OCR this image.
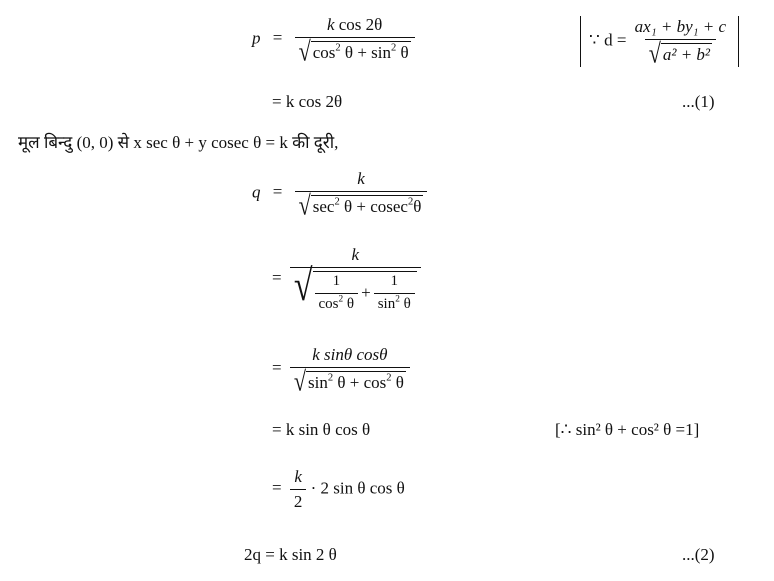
p =
k cos 2θ
√ $\cos^2 \theta + \sin^2 \theta$
∵ $d = \frac{\text{ax₁ + by₁ + c}}{\text{√ a² + b²}}$
= k cos 2θ	...(1)
मूल बिन्दु (0, 0) से x sec θ + y cosec θ = k की दूरी,
$q = \frac{k}{√ \sec^2 \theta + cosec^2\theta}$
=
k
√ $\frac{1}{\cos^2 \theta} + \frac{1}{\sin^2 \theta}$
=
k sinθ cosθ
√ $\sin^2 \theta + \cos^2 \theta$
= k sin θ cos θ	[∴ sin² θ + cos² θ =1]
= $\frac{k}{2} \cdot 2$ sin θ cos θ
2q = k sin 2 θ	...(2)
